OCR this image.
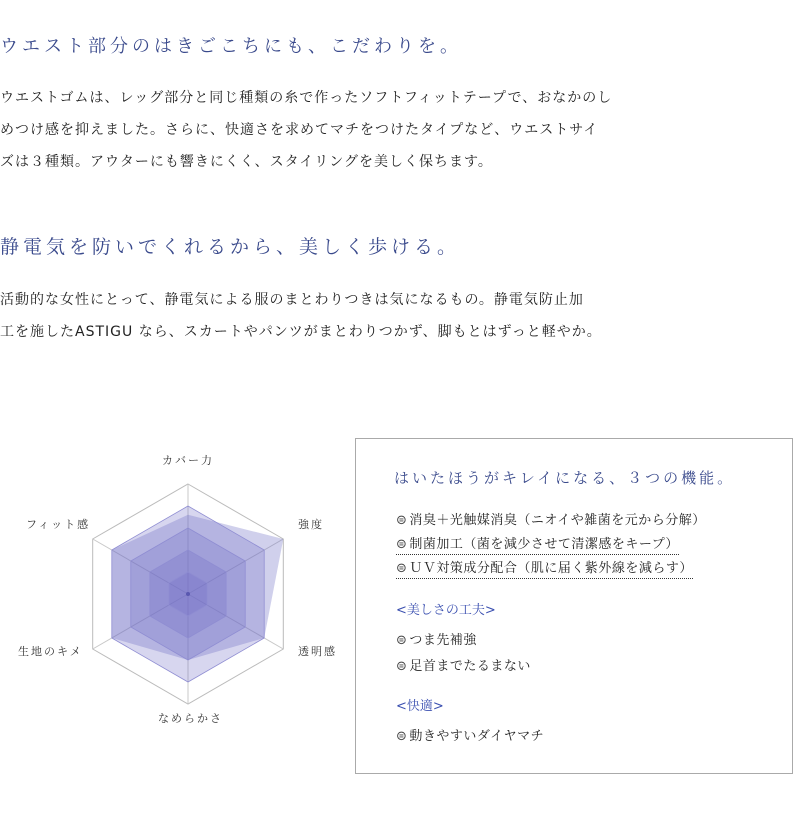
ウエスト部分のはきごこちにも、こだわりを。
ウエストゴムは、レッグ部分と同じ種類の糸で作ったソフトフィットテープで、おなかのし
めつけ感を抑えました。さらに、快適さを求めてマチをつけたタイプなど、ウエストサイ
ズは３種類。アウターにも響きにくく、スタイリングを美しく保ちます。
静電気を防いでくれるから、美しく歩ける。
活動的な女性にとって、静電気による服のまとわりつきは気になるもの。静電気防止加
工を施したASTIGU なら、スカートやパンツがまとわりつかず、脚もとはずっと軽やか。
カバー力
強度
透明感
なめらかさ
生地のキメ
フィット感
はいたほうがキレイになる、３つの機能。
⊜ 消臭＋光触媒消臭（ニオイや雑菌を元から分解）
⊜ 制菌加工（菌を減少させて清潔感をキープ）
⊜ ＵＶ対策成分配合（肌に届く紫外線を減らす）
<美しさの工夫>
⊜ つま先補強
⊜ 足首までたるまない
<快適>
⊜ 動きやすいダイヤマチ
